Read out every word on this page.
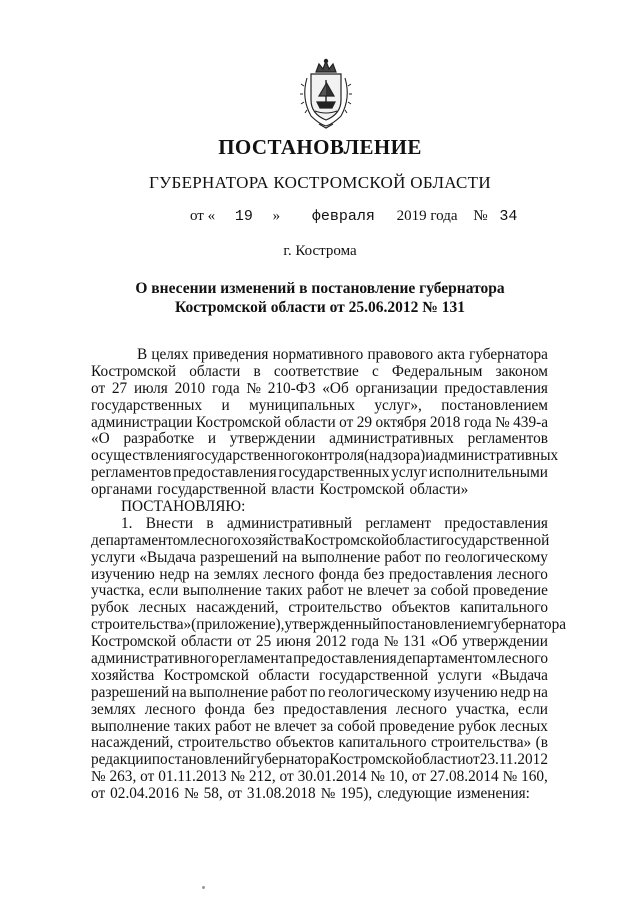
ПОСТАНОВЛЕНИЕ
ГУБЕРНАТОРА КОСТРОМСКОЙ ОБЛАСТИ
от « 19 » февраля 2019 года № 34
г. Кострома
О внесении изменений в постановление губернатора
Костромской области от 25.06.2012 № 131
В целях приведения нормативного правового акта губернатора
Костромской области в соответствие с Федеральным законом
от 27 июля 2010 года № 210-ФЗ «Об организации предоставления
государственных и муниципальных услуг», постановлением
администрации Костромской области от 29 октября 2018 года № 439-а
«О разработке и утверждении административных регламентов
осуществления государственного контроля (надзора) и административных
регламентов предоставления государственных услуг исполнительными
органами государственной власти Костромской области»
ПОСТАНОВЛЯЮ:
1. Внести в административный регламент предоставления
департаментом лесного хозяйства Костромской области государственной
услуги «Выдача разрешений на выполнение работ по геологическому
изучению недр на землях лесного фонда без предоставления лесного
участка, если выполнение таких работ не влечет за собой проведение
рубок лесных насаждений, строительство объектов капитального
строительства» (приложение), утвержденный постановлением губернатора
Костромской области от 25 июня 2012 года № 131 «Об утверждении
административного регламента предоставления департаментом лесного
хозяйства Костромской области государственной услуги «Выдача
разрешений на выполнение работ по геологическому изучению недр на
землях лесного фонда без предоставления лесного участка, если
выполнение таких работ не влечет за собой проведение рубок лесных
насаждений, строительство объектов капитального строительства» (в
редакции постановлений губернатора Костромской области от 23.11.2012
№ 263, от 01.11.2013 № 212, от 30.01.2014 № 10, от 27.08.2014 № 160,
от 02.04.2016 № 58, от 31.08.2018 № 195), следующие изменения:
